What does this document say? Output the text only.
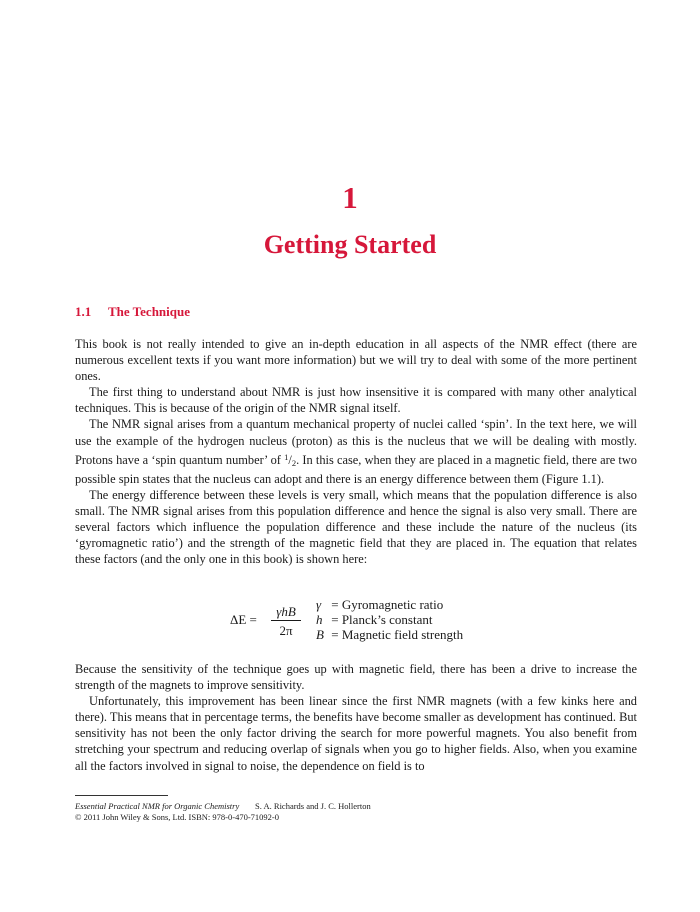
1
Getting Started
1.1 The Technique

This book is not really intended to give an in-depth education in all aspects of the NMR effect (there are numerous excellent texts if you want more information) but we will try to deal with some of the more pertinent ones.

The first thing to understand about NMR is just how insensitive it is compared with many other analytical techniques. This is because of the origin of the NMR signal itself.

The NMR signal arises from a quantum mechanical property of nuclei called ‘spin’. In the text here, we will use the example of the hydrogen nucleus (proton) as this is the nucleus that we will be dealing with mostly. Protons have a ‘spin quantum number’ of $^1$/2. In this case, when they are placed in a magnetic field, there are two possible spin states that the nucleus can adopt and there is an energy difference between them (Figure 1.1).

The energy difference between these levels is very small, which means that the population difference is also small. The NMR signal arises from this population difference and hence the signal is also very small. There are several factors which influence the population difference and these include the nature of the nucleus (its ‘gyromagnetic ratio’) and the strength of the magnetic field that they are placed in. The equation that relates these factors (and the only one in this book) is shown here:

ΔE =
γhB
2π
γ = Gyromagnetic ratio
h = Planck’s constant
B = Magnetic field strength

Because the sensitivity of the technique goes up with magnetic field, there has been a drive to increase the strength of the magnets to improve sensitivity.

Unfortunately, this improvement has been linear since the first NMR magnets (with a few kinks here and there). This means that in percentage terms, the benefits have become smaller as development has continued. But sensitivity has not been the only factor driving the search for more powerful magnets. You also benefit from stretching your spectrum and reducing overlap of signals when you go to higher fields. Also, when you examine all the factors involved in signal to noise, the dependence on field is to

Essential Practical NMR for Organic Chemistry S. A. Richards and J. C. Hollerton
© 2011 John Wiley & Sons, Ltd. ISBN: 978-0-470-71092-0
